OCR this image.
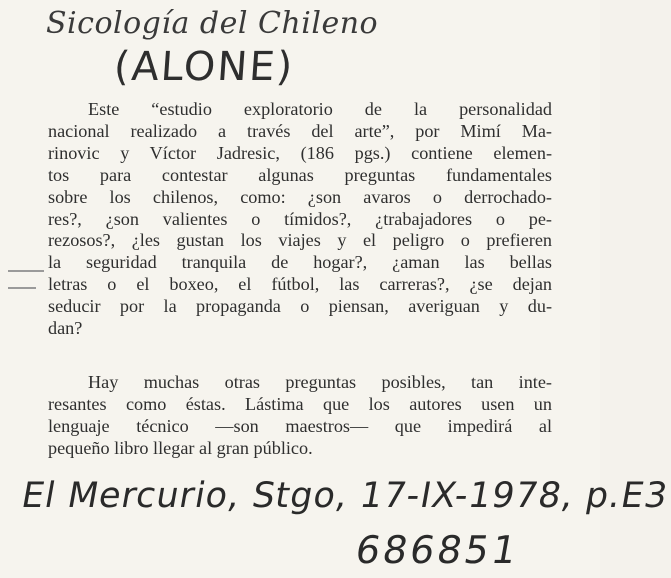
Sicología del Chileno
(ALONE)
Este “estudio exploratorio de la personalidad
nacional realizado a través del arte”, por Mimí Ma-
rinovic y Víctor Jadresic, (186 pgs.) contiene elemen-
tos para contestar algunas preguntas fundamentales
sobre los chilenos, como: ¿son avaros o derrochado-
res?, ¿son valientes o tímidos?, ¿trabajadores o pe-
rezosos?, ¿les gustan los viajes y el peligro o prefieren
la seguridad tranquila de hogar?, ¿aman las bellas
letras o el boxeo, el fútbol, las carreras?, ¿se dejan
seducir por la propaganda o piensan, averiguan y du-
dan?
Hay muchas otras preguntas posibles, tan inte-
resantes como éstas. Lástima que los autores usen un
lenguaje técnico —son maestros— que impedirá al
pequeño libro llegar al gran público.
El Mercurio, Stgo, 17-IX-1978, p.E3
686851
